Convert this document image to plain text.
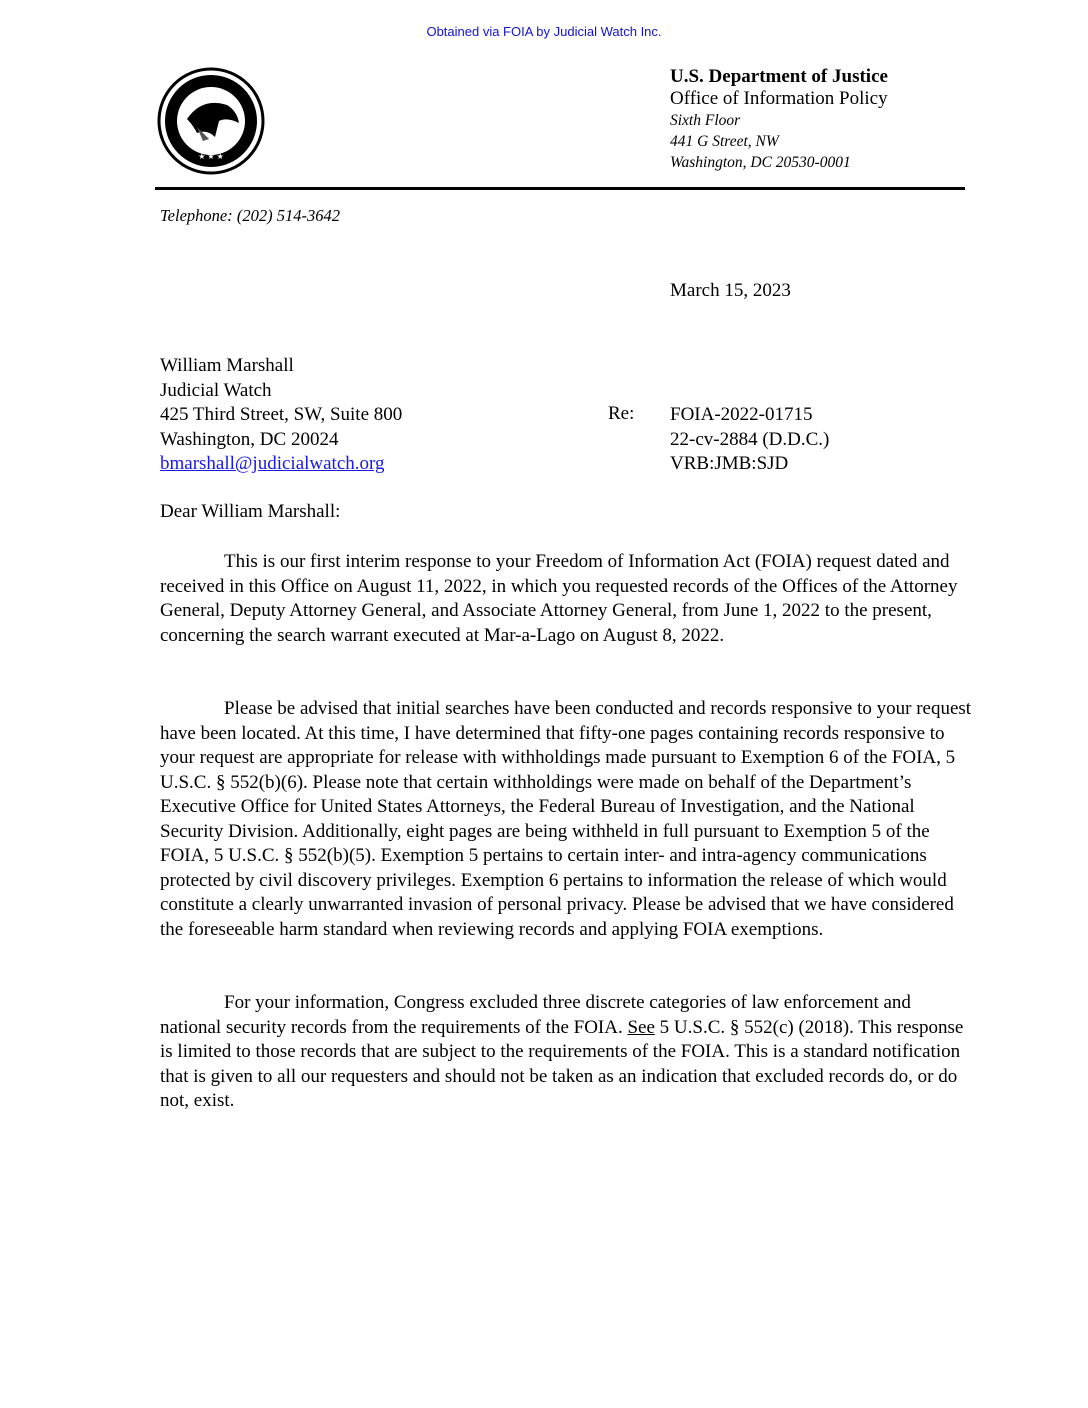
Obtained via FOIA by Judicial Watch Inc.
★ ★ ★
U.S. Department of Justice
Office of Information Policy
Sixth Floor
441 G Street, NW
Washington, DC 20530-0001
Telephone: (202) 514-3642
March 15, 2023
William Marshall
Judicial Watch
425 Third Street, SW, Suite 800
Washington, DC 20024
bmarshall@judicialwatch.org
Re: FOIA-2022-01715
22-cv-2884 (D.D.C.)
VRB:JMB:SJD
Dear William Marshall:
This is our first interim response to your Freedom of Information Act (FOIA) request dated and received in this Office on August 11, 2022, in which you requested records of the Offices of the Attorney General, Deputy Attorney General, and Associate Attorney General, from June 1, 2022 to the present, concerning the search warrant executed at Mar-a-Lago on August 8, 2022.
Please be advised that initial searches have been conducted and records responsive to your request have been located. At this time, I have determined that fifty-one pages containing records responsive to your request are appropriate for release with withholdings made pursuant to Exemption 6 of the FOIA, 5 U.S.C. § 552(b)(6). Please note that certain withholdings were made on behalf of the Department’s Executive Office for United States Attorneys, the Federal Bureau of Investigation, and the National Security Division. Additionally, eight pages are being withheld in full pursuant to Exemption 5 of the FOIA, 5 U.S.C. § 552(b)(5). Exemption 5 pertains to certain inter- and intra-agency communications protected by civil discovery privileges. Exemption 6 pertains to information the release of which would constitute a clearly unwarranted invasion of personal privacy. Please be advised that we have considered the foreseeable harm standard when reviewing records and applying FOIA exemptions.
For your information, Congress excluded three discrete categories of law enforcement and national security records from the requirements of the FOIA. See 5 U.S.C. § 552(c) (2018). This response is limited to those records that are subject to the requirements of the FOIA. This is a standard notification that is given to all our requesters and should not be taken as an indication that excluded records do, or do not, exist.
